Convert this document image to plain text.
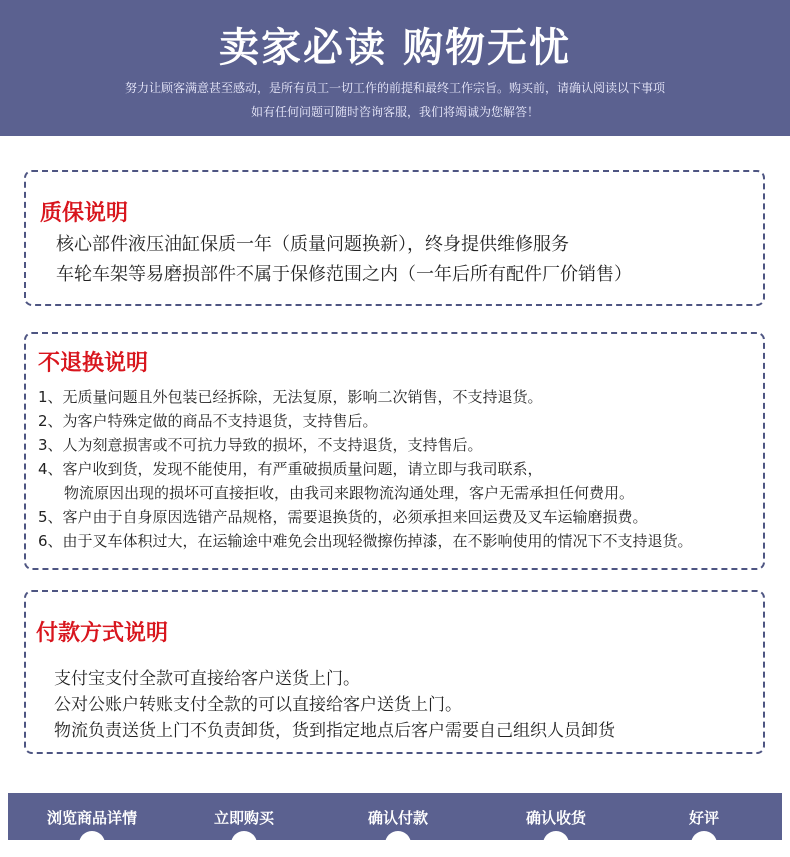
卖家必读 购物无忧
努力让顾客满意甚至感动，是所有员工一切工作的前提和最终工作宗旨。购买前，请确认阅读以下事项
如有任何问题可随时咨询客服，我们将竭诚为您解答！
质保说明
核心部件液压油缸保质一年（质量问题换新），终身提供维修服务
车轮车架等易磨损部件不属于保修范围之内（一年后所有配件厂价销售）
不退换说明
1、无质量问题且外包装已经拆除，无法复原，影响二次销售，不支持退货。
2、为客户特殊定做的商品不支持退货，支持售后。
3、人为刻意损害或不可抗力导致的损坏，不支持退货，支持售后。
4、客户收到货，发现不能使用，有严重破损质量问题，请立即与我司联系，
物流原因出现的损坏可直接拒收，由我司来跟物流沟通处理，客户无需承担任何费用。
5、客户由于自身原因选错产品规格，需要退换货的，必须承担来回运费及叉车运输磨损费。
6、由于叉车体积过大，在运输途中难免会出现轻微擦伤掉漆，在不影响使用的情况下不支持退货。
付款方式说明
支付宝支付全款可直接给客户送货上门。
公对公账户转账支付全款的可以直接给客户送货上门。
物流负责送货上门不负责卸货，货到指定地点后客户需要自己组织人员卸货
浏览商品详情	立即购买	确认付款	确认收货	好评
